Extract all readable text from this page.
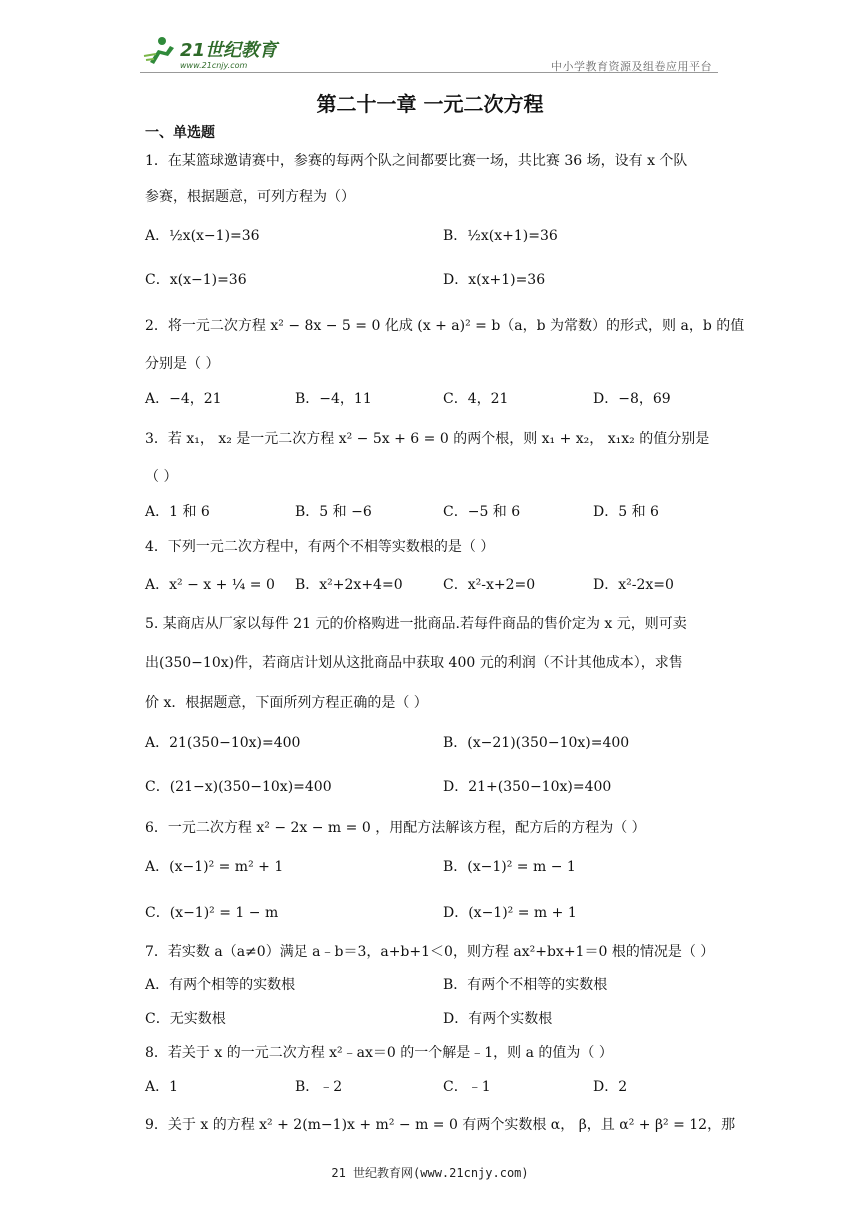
21世纪教育
www.21cnjy.com	中小学教育资源及组卷应用平台
第二十一章 一元二次方程
一、单选题
1．在某篮球邀请赛中，参赛的每两个队之间都要比赛一场，共比赛 36 场，设有 x 个队
参赛，根据题意，可列方程为（）
A．½x(x−1)=36	B．½x(x+1)=36
C．x(x−1)=36	D．x(x+1)=36
2．将一元二次方程 x² − 8x − 5 = 0 化成 (x + a)² = b（a，b 为常数）的形式，则 a，b 的值
分别是（ ）
A．−4，21	B．−4，11	C．4，21	D．−8，69
3．若 x₁， x₂ 是一元二次方程 x² − 5x + 6 = 0 的两个根，则 x₁ + x₂， x₁x₂ 的值分别是
（ ）
A．1 和 6	B．5 和 −6	C．−5 和 6	D．5 和 6
4．下列一元二次方程中，有两个不相等实数根的是（ ）
A．x² − x + ¼ = 0 B．x²+2x+4=0	C．x²-x+2=0	D．x²-2x=0
5. 某商店从厂家以每件 21 元的价格购进一批商品.若每件商品的售价定为 x 元，则可卖
出(350−10x)件，若商店计划从这批商品中获取 400 元的利润（不计其他成本），求售
价 x．根据题意，下面所列方程正确的是（ ）
A．21(350−10x)=400	B．(x−21)(350−10x)=400
C．(21−x)(350−10x)=400	D．21+(350−10x)=400
6．一元二次方程 x² − 2x − m = 0 ，用配方法解该方程，配方后的方程为（ ）
A．(x−1)² = m² + 1	B．(x−1)² = m − 1
C．(x−1)² = 1 − m	D．(x−1)² = m + 1
7．若实数 a（a≠0）满足 a﹣b＝3，a+b+1＜0，则方程 ax²+bx+1＝0 根的情况是（ ）
A．有两个相等的实数根	B．有两个不相等的实数根
C．无实数根	D．有两个实数根
8．若关于 x 的一元二次方程 x²﹣ax＝0 的一个解是﹣1，则 a 的值为（ ）
A．1	B．﹣2	C．﹣1	D．2
9．关于 x 的方程 x² + 2(m−1)x + m² − m = 0 有两个实数根 α， β，且 α² + β² = 12，那
21 世纪教育网(www.21cnjy.com)
